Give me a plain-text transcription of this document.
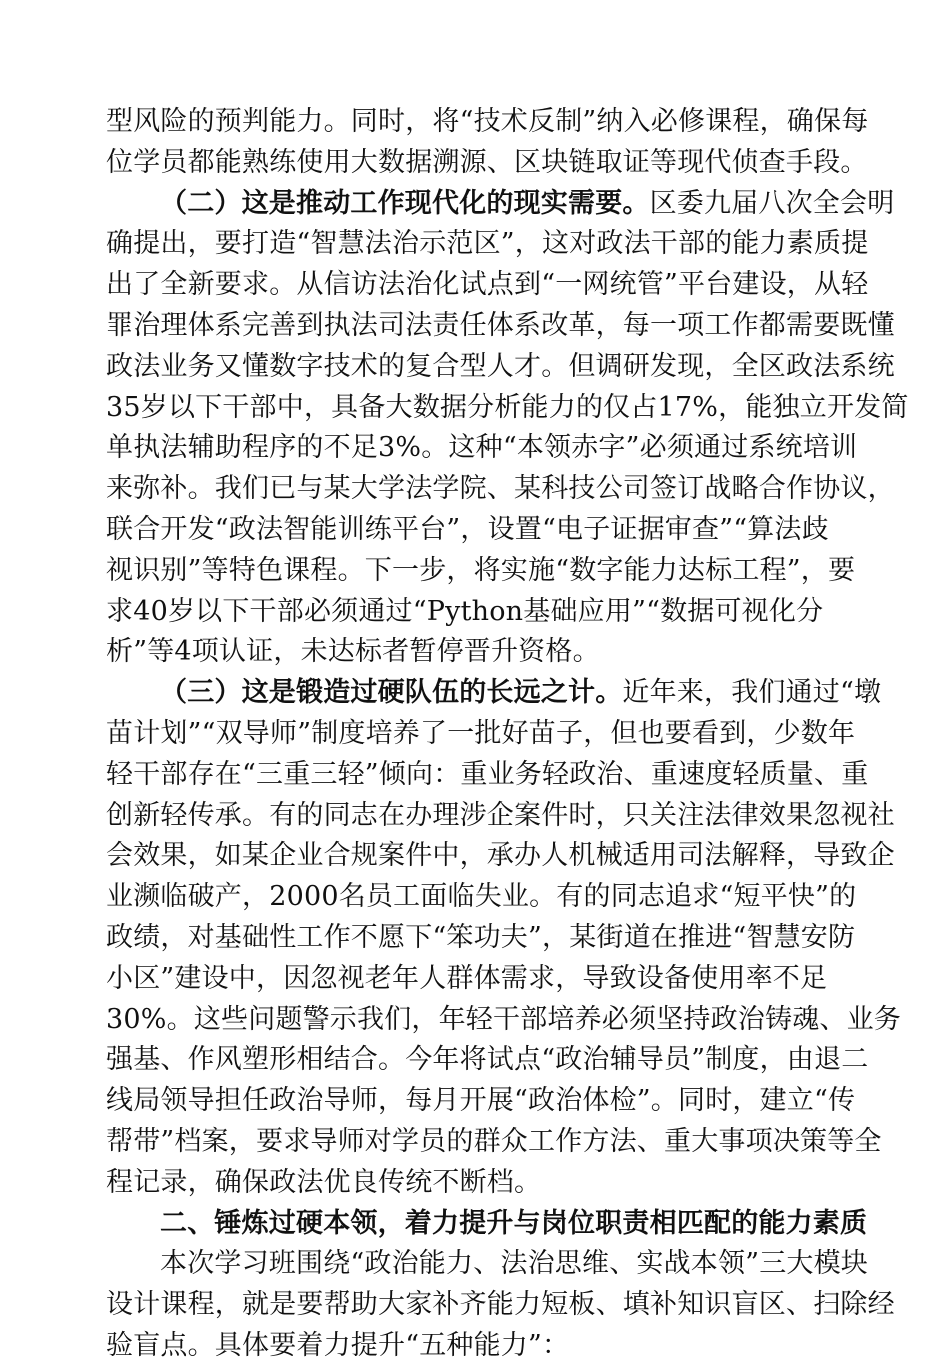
型风险的预判能力。同时，将“技术反制”纳入必修课程，确保每
位学员都能熟练使用大数据溯源、区块链取证等现代侦查手段。
（二）这是推动工作现代化的现实需要。区委九届八次全会明
确提出，要打造“智慧法治示范区”，这对政法干部的能力素质提
出了全新要求。从信访法治化试点到“一网统管”平台建设，从轻
罪治理体系完善到执法司法责任体系改革，每一项工作都需要既懂
政法业务又懂数字技术的复合型人才。但调研发现，全区政法系统
35岁以下干部中，具备大数据分析能力的仅占17%，能独立开发简
单执法辅助程序的不足3%。这种“本领赤字”必须通过系统培训
来弥补。我们已与某大学法学院、某科技公司签订战略合作协议，
联合开发“政法智能训练平台”，设置“电子证据审查”“算法歧
视识别”等特色课程。下一步，将实施“数字能力达标工程”，要
求40岁以下干部必须通过“Python基础应用”“数据可视化分
析”等4项认证，未达标者暂停晋升资格。
（三）这是锻造过硬队伍的长远之计。近年来，我们通过“墩
苗计划”“双导师”制度培养了一批好苗子，但也要看到，少数年
轻干部存在“三重三轻”倾向：重业务轻政治、重速度轻质量、重
创新轻传承。有的同志在办理涉企案件时，只关注法律效果忽视社
会效果，如某企业合规案件中，承办人机械适用司法解释，导致企
业濒临破产，2000名员工面临失业。有的同志追求“短平快”的
政绩，对基础性工作不愿下“笨功夫”，某街道在推进“智慧安防
小区”建设中，因忽视老年人群体需求，导致设备使用率不足
30%。这些问题警示我们，年轻干部培养必须坚持政治铸魂、业务
强基、作风塑形相结合。今年将试点“政治辅导员”制度，由退二
线局领导担任政治导师，每月开展“政治体检”。同时，建立“传
帮带”档案，要求导师对学员的群众工作方法、重大事项决策等全
程记录，确保政法优良传统不断档。
二、锤炼过硬本领，着力提升与岗位职责相匹配的能力素质
本次学习班围绕“政治能力、法治思维、实战本领”三大模块
设计课程，就是要帮助大家补齐能力短板、填补知识盲区、扫除经
验盲点。具体要着力提升“五种能力”：
